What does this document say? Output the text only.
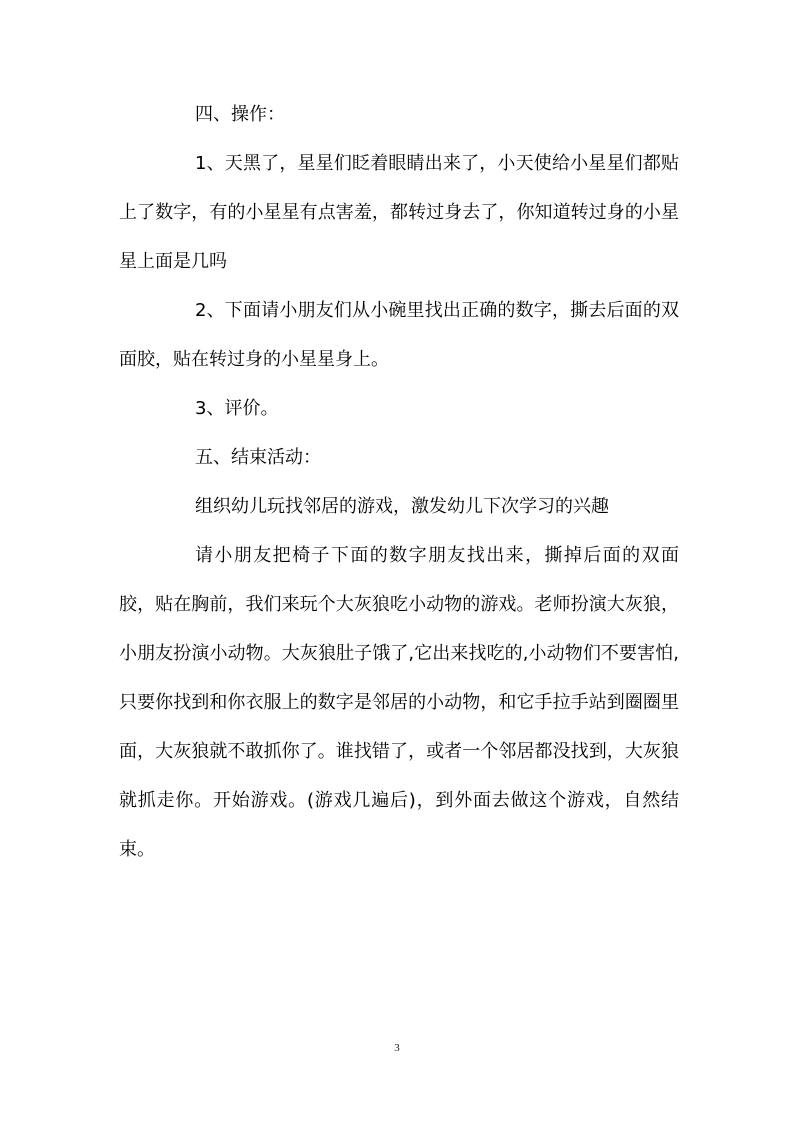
四、操作：

1、天黑了，星星们眨着眼睛出来了，小天使给小星星们都贴上了数字，有的小星星有点害羞，都转过身去了，你知道转过身的小星星上面是几吗

2、下面请小朋友们从小碗里找出正确的数字，撕去后面的双面胶，贴在转过身的小星星身上。

3、评价。

五、结束活动：

组织幼儿玩找邻居的游戏，激发幼儿下次学习的兴趣

请小朋友把椅子下面的数字朋友找出来，撕掉后面的双面胶，贴在胸前，我们来玩个大灰狼吃小动物的游戏。老师扮演大灰狼，小朋友扮演小动物。大灰狼肚子饿了,它出来找吃的,小动物们不要害怕,只要你找到和你衣服上的数字是邻居的小动物，和它手拉手站到圈圈里面，大灰狼就不敢抓你了。谁找错了，或者一个邻居都没找到，大灰狼就抓走你。开始游戏。(游戏几遍后)，到外面去做这个游戏，自然结束。

3
